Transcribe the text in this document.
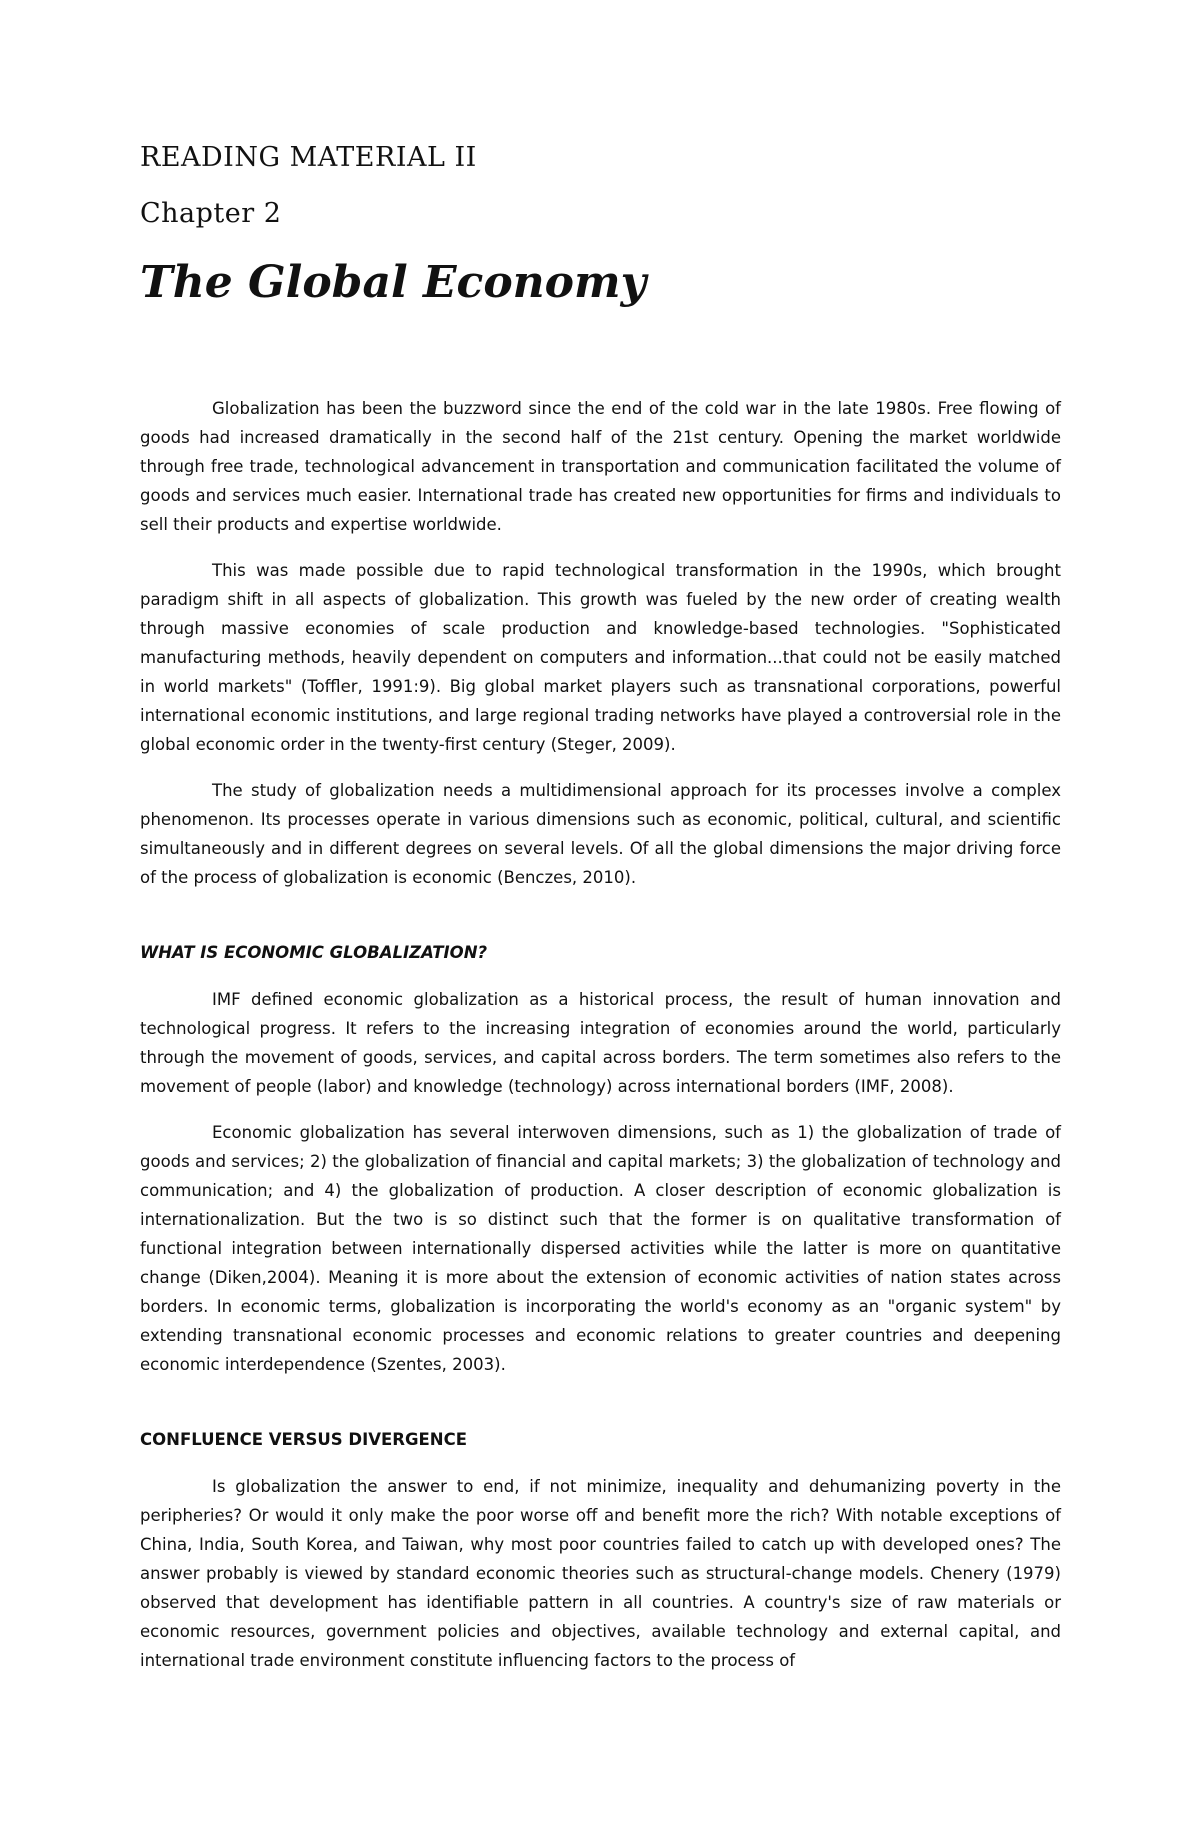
READING MATERIAL II
Chapter 2
The Global Economy

Globalization has been the buzzword since the end of the cold war in the late 1980s. Free flowing of goods had increased dramatically in the second half of the 21st century. Opening the market worldwide through free trade, technological advancement in transportation and communication facilitated the volume of goods and services much easier. International trade has created new opportunities for firms and individuals to sell their products and expertise worldwide.

This was made possible due to rapid technological transformation in the 1990s, which brought paradigm shift in all aspects of globalization. This growth was fueled by the new order of creating wealth through massive economies of scale production and knowledge-based technologies. "Sophisticated manufacturing methods, heavily dependent on computers and information...that could not be easily matched in world markets" (Toffler, 1991:9). Big global market players such as transnational corporations, powerful international economic institutions, and large regional trading networks have played a controversial role in the global economic order in the twenty-first century (Steger, 2009).

The study of globalization needs a multidimensional approach for its processes involve a complex phenomenon. Its processes operate in various dimensions such as economic, political, cultural, and scientific simultaneously and in different degrees on several levels. Of all the global dimensions the major driving force of the process of globalization is economic (Benczes, 2010).

WHAT IS ECONOMIC GLOBALIZATION?

IMF defined economic globalization as a historical process, the result of human innovation and technological progress. It refers to the increasing integration of economies around the world, particularly through the movement of goods, services, and capital across borders. The term sometimes also refers to the movement of people (labor) and knowledge (technology) across international borders (IMF, 2008).

Economic globalization has several interwoven dimensions, such as 1) the globalization of trade of goods and services; 2) the globalization of financial and capital markets; 3) the globalization of technology and communication; and 4) the globalization of production. A closer description of economic globalization is internationalization. But the two is so distinct such that the former is on qualitative transformation of functional integration between internationally dispersed activities while the latter is more on quantitative change (Diken,2004). Meaning it is more about the extension of economic activities of nation states across borders. In economic terms, globalization is incorporating the world's economy as an "organic system" by extending transnational economic processes and economic relations to greater countries and deepening economic interdependence (Szentes, 2003).

CONFLUENCE VERSUS DIVERGENCE

Is globalization the answer to end, if not minimize, inequality and dehumanizing poverty in the peripheries? Or would it only make the poor worse off and benefit more the rich? With notable exceptions of China, India, South Korea, and Taiwan, why most poor countries failed to catch up with developed ones? The answer probably is viewed by standard economic theories such as structural-change models. Chenery (1979) observed that development has identifiable pattern in all countries. A country's size of raw materials or economic resources, government policies and objectives, available technology and external capital, and international trade environment constitute influencing factors to the process of
